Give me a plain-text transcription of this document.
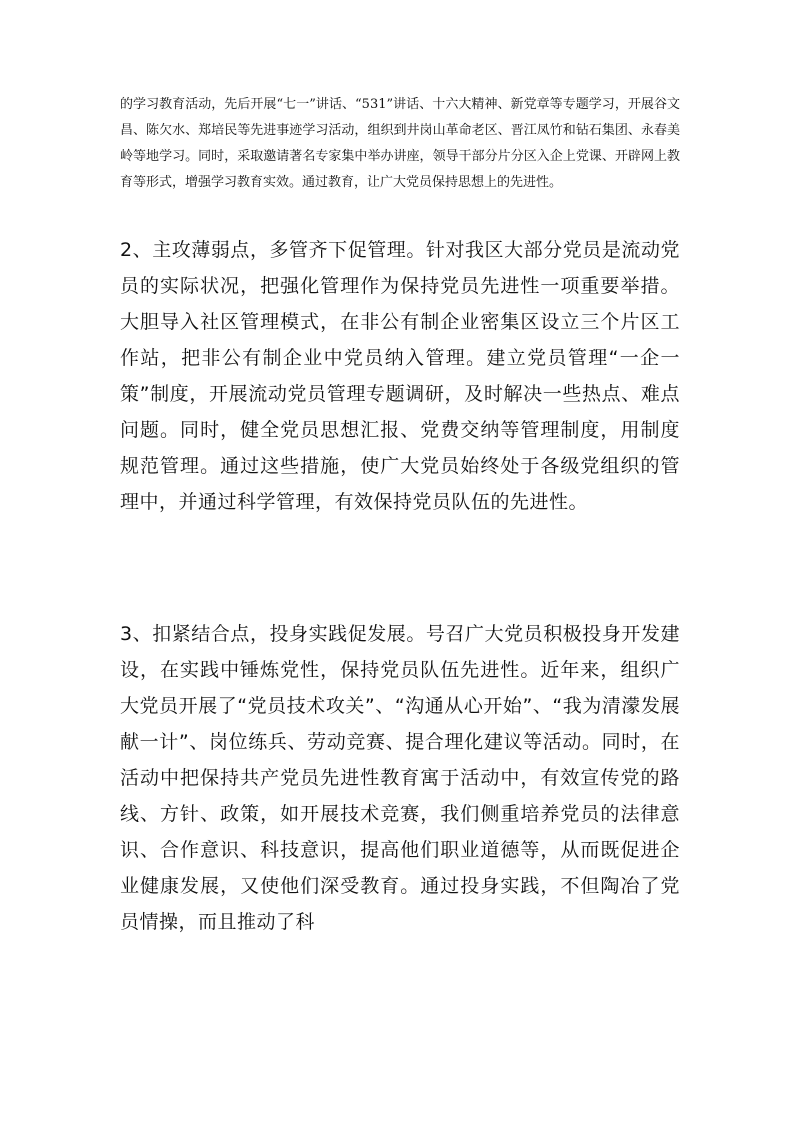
的学习教育活动，先后开展“七一”讲话、“531”讲话、十六大精神、新党章等专题学习，开展谷文昌、陈欠水、郑培民等先进事迹学习活动，组织到井岗山革命老区、晋江凤竹和钻石集团、永春美岭等地学习。同时，采取邀请著名专家集中举办讲座，领导干部分片分区入企上党课、开辟网上教育等形式，增强学习教育实效。通过教育，让广大党员保持思想上的先进性。

2、主攻薄弱点，多管齐下促管理。针对我区大部分党员是流动党员的实际状况，把强化管理作为保持党员先进性一项重要举措。大胆导入社区管理模式，在非公有制企业密集区设立三个片区工作站，把非公有制企业中党员纳入管理。建立党员管理“一企一策”制度，开展流动党员管理专题调研，及时解决一些热点、难点问题。同时，健全党员思想汇报、党费交纳等管理制度，用制度规范管理。通过这些措施，使广大党员始终处于各级党组织的管理中，并通过科学管理，有效保持党员队伍的先进性。

3、扣紧结合点，投身实践促发展。号召广大党员积极投身开发建设，在实践中锤炼党性，保持党员队伍先进性。近年来，组织广大党员开展了“党员技术攻关”、“沟通从心开始”、“我为清濛发展献一计”、岗位练兵、劳动竞赛、提合理化建议等活动。同时，在活动中把保持共产党员先进性教育寓于活动中，有效宣传党的路线、方针、政策，如开展技术竞赛，我们侧重培养党员的法律意识、合作意识、科技意识，提高他们职业道德等，从而既促进企业健康发展，又使他们深受教育。通过投身实践，不但陶冶了党员情操，而且推动了科
